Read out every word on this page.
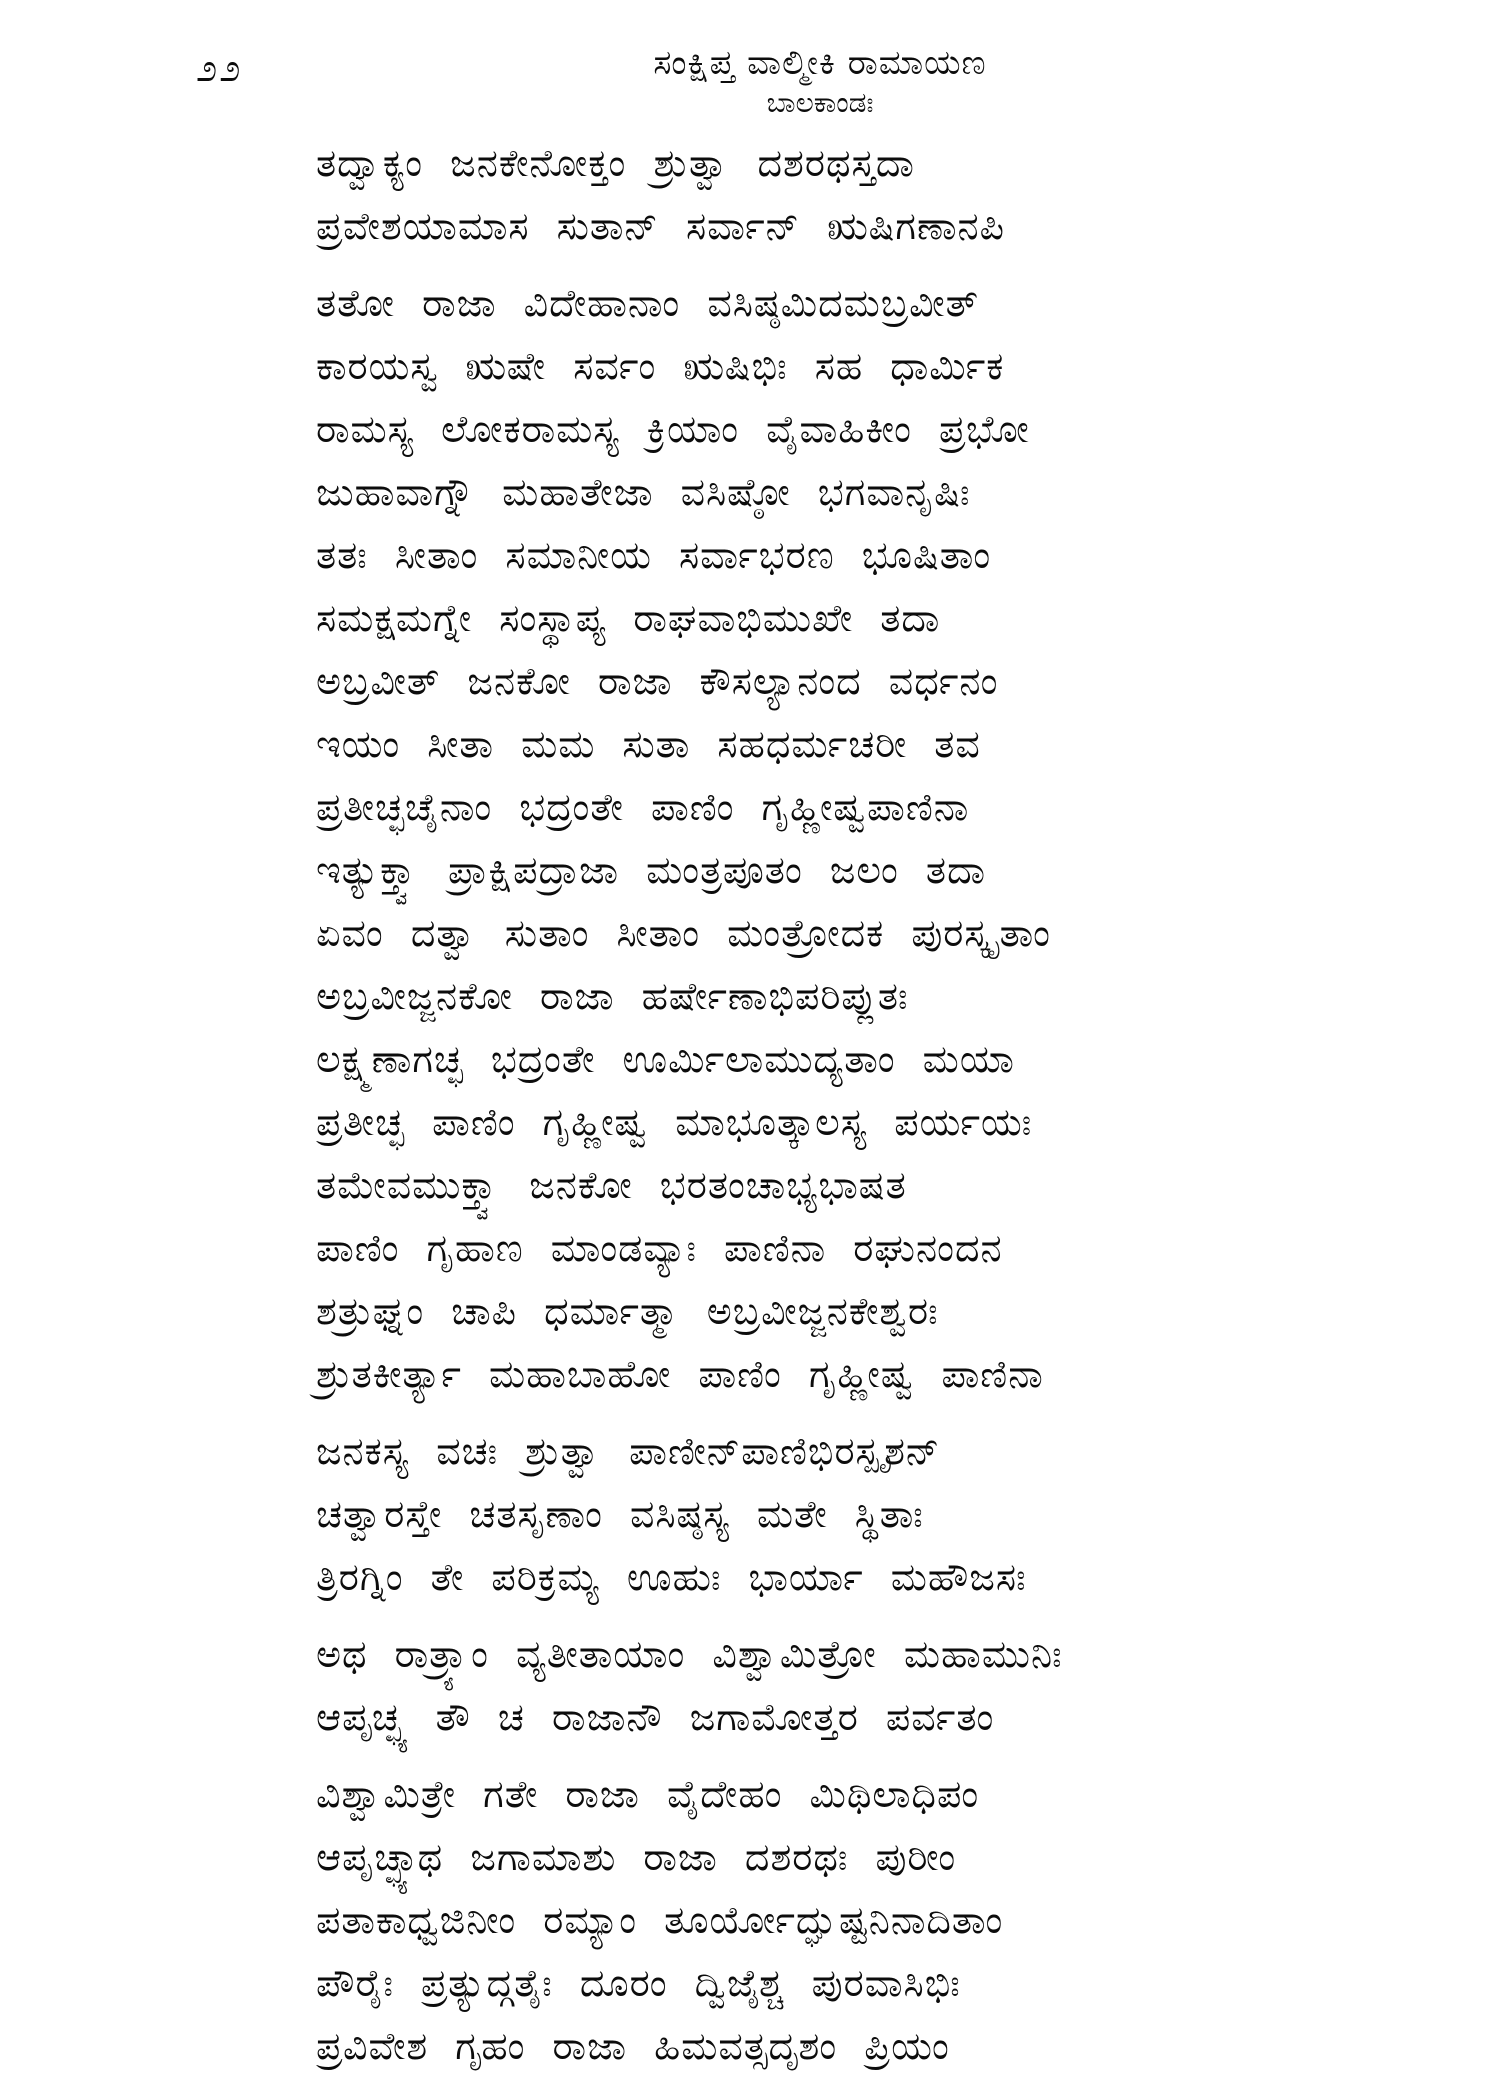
೨೨	ಸಂಕ್ಷಿಪ್ತ ವಾಲ್ಮೀಕಿ ರಾಮಾಯಣ
ಬಾಲಕಾಂಡಃ
ತದ್ವಾಕ್ಯಂ ಜನಕೇನೋಕ್ತಂ ಶ್ರುತ್ವಾ ದಶರಥಸ್ತದಾ
ಪ್ರವೇಶಯಾಮಾಸ ಸುತಾನ್ ಸರ್ವಾನ್ ಋಷಿಗಣಾನಪಿ
ತತೋ ರಾಜಾ ವಿದೇಹಾನಾಂ ವಸಿಷ್ಠಮಿದಮಬ್ರವೀತ್
ಕಾರಯಸ್ವ ಋಷೇ ಸರ್ವಂ ಋಷಿಭಿಃ ಸಹ ಧಾರ್ಮಿಕ
ರಾಮಸ್ಯ ಲೋಕರಾಮಸ್ಯ ಕ್ರಿಯಾಂ ವೈವಾಹಿಕೀಂ ಪ್ರಭೋ
ಜುಹಾವಾಗ್ನೌ ಮಹಾತೇಜಾ ವಸಿಷ್ಠೋ ಭಗವಾನೃಷಿಃ
ತತಃ ಸೀತಾಂ ಸಮಾನೀಯ ಸರ್ವಾಭರಣ ಭೂಷಿತಾಂ
ಸಮಕ್ಷಮಗ್ನೇ ಸಂಸ್ಥಾಪ್ಯ ರಾಘವಾಭಿಮುಖೇ ತದಾ
ಅಬ್ರವೀತ್ ಜನಕೋ ರಾಜಾ ಕೌಸಲ್ಯಾನಂದ ವರ್ಧನಂ
ಇಯಂ ಸೀತಾ ಮಮ ಸುತಾ ಸಹಧರ್ಮಚರೀ ತವ
ಪ್ರತೀಚ್ಛಚೈನಾಂ ಭದ್ರಂತೇ ಪಾಣಿಂ ಗೃಹ್ಣೀಷ್ವಪಾಣಿನಾ
ಇತ್ಯುಕ್ತ್ವಾ ಪ್ರಾಕ್ಷಿಪದ್ರಾಜಾ ಮಂತ್ರಪೂತಂ ಜಲಂ ತದಾ
ಏವಂ ದತ್ವಾ ಸುತಾಂ ಸೀತಾಂ ಮಂತ್ರೋದಕ ಪುರಸ್ಕೃತಾಂ
ಅಬ್ರವೀಜ್ಜನಕೋ ರಾಜಾ ಹರ್ಷೇಣಾಭಿಪರಿಪ್ಲುತಃ
ಲಕ್ಷ್ಮಣಾಗಚ್ಛ ಭದ್ರಂತೇ ಊರ್ಮಿಲಾಮುದ್ಯತಾಂ ಮಯಾ
ಪ್ರತೀಚ್ಛ ಪಾಣಿಂ ಗೃಹ್ಣೀಷ್ವ ಮಾಭೂತ್ಕಾಲಸ್ಯ ಪರ್ಯಯಃ
ತಮೇವಮುಕ್ತ್ವಾ ಜನಕೋ ಭರತಂಚಾಭ್ಯಭಾಷತ
ಪಾಣಿಂ ಗೃಹಾಣ ಮಾಂಡವ್ಯಾಃ ಪಾಣಿನಾ ರಘುನಂದನ
ಶತ್ರುಘ್ನಂ ಚಾಪಿ ಧರ್ಮಾತ್ಮಾ ಅಬ್ರವೀಜ್ಜನಕೇಶ್ವರಃ
ಶ್ರುತಕೀರ್ತ್ಯಾ ಮಹಾಬಾಹೋ ಪಾಣಿಂ ಗೃಹ್ಣೀಷ್ವ ಪಾಣಿನಾ
ಜನಕಸ್ಯ ವಚಃ ಶ್ರುತ್ವಾ ಪಾಣೀನ್‌ಪಾಣಿಭಿರಸ್ಪೃಶನ್
ಚತ್ವಾರಸ್ತೇ ಚತಸೃಣಾಂ ವಸಿಷ್ಠಸ್ಯ ಮತೇ ಸ್ಥಿತಾಃ
ತ್ರಿರಗ್ನಿಂ ತೇ ಪರಿಕ್ರಮ್ಯ ಊಹುಃ ಭಾರ್ಯಾ ಮಹೌಜಸಃ
ಅಥ ರಾತ್ರ್ಯಾಂ ವ್ಯತೀತಾಯಾಂ ವಿಶ್ವಾಮಿತ್ರೋ ಮಹಾಮುನಿಃ
ಆಪೃಚ್ಛ್ಯ ತೌ ಚ ರಾಜಾನೌ ಜಗಾಮೋತ್ತರ ಪರ್ವತಂ
ವಿಶ್ವಾಮಿತ್ರೇ ಗತೇ ರಾಜಾ ವೈದೇಹಂ ಮಿಥಿಲಾಧಿಪಂ
ಆಪೃಚ್ಛ್ಯಾಥ ಜಗಾಮಾಶು ರಾಜಾ ದಶರಥಃ ಪುರೀಂ
ಪತಾಕಾಧ್ವಜಿನೀಂ ರಮ್ಯಾಂ ತೂರ್ಯೋದ್ಘುಷ್ಟನಿನಾದಿತಾಂ
ಪೌರೈಃ ಪ್ರತ್ಯುದ್ಗತೈಃ ದೂರಂ ದ್ವಿಜೈಶ್ಚ ಪುರವಾಸಿಭಿಃ
ಪ್ರವಿವೇಶ ಗೃಹಂ ರಾಜಾ ಹಿಮವತ್ಸದೃಶಂ ಪ್ರಿಯಂ
